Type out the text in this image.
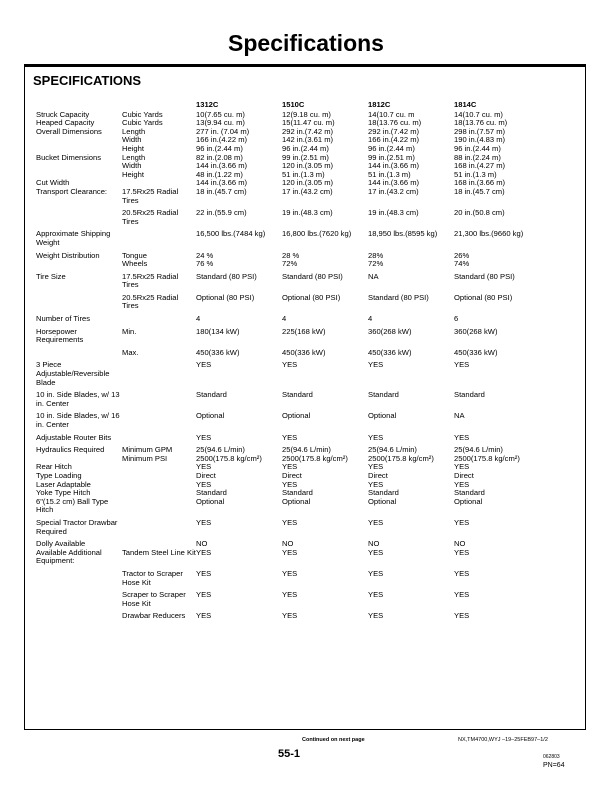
Specifications
SPECIFICATIONS
		1312C	1510C	1812C	1814C
Struck Capacity	Cubic Yards	10(7.65 cu. m)	12(9.18 cu. m)	14(10.7 cu. m	14(10.7 cu. m)
Heaped Capacity	Cubic Yards	13(9.94 cu. m)	15(11.47 cu. m)	18(13.76 cu. m)	18(13.76 cu. m)
Overall Dimensions	Length	277 in. (7.04 m)	292 in.(7.42 m)	292 in.(7.42 m)	298 in.(7.57 m)
	Width	166 in.(4.22 m)	142 in.(3.61 m)	166 in.(4.22 m)	190 in.(4.83 m)
	Height	96 in.(2.44 m)	96 in.(2.44 m)	96 in.(2.44 m)	96 in.(2.44 m)
Bucket Dimensions	Length	82 in.(2.08 m)	99 in.(2.51 m)	99 in.(2.51 m)	88 in.(2.24 m)
	Width	144 in.(3.66 m)	120 in.(3.05 m)	144 in.(3.66 m)	168 in.(4.27 m)
	Height	48 in.(1.22 m)	51 in.(1.3 m)	51 in.(1.3 m)	51 in.(1.3 m)
Cut Width		144 in.(3.66 m)	120 in.(3.05 m)	144 in.(3.66 m)	168 in.(3.66 m)
Transport Clearance:	17.5Rx25 Radial Tires	18 in.(45.7 cm)	17 in.(43.2 cm)	17 in.(43.2 cm)	18 in.(45.7 cm)
	20.5Rx25 Radial Tires	22 in.(55.9 cm)	19 in.(48.3 cm)	19 in.(48.3 cm)	20 in.(50.8 cm)
Approximate Shipping Weight		16,500 lbs.(7484 kg)	16,800 lbs.(7620 kg)	18,950 lbs.(8595 kg)	21,300 lbs.(9660 kg)
Weight Distribution	Tongue	24 %	28 %	28%	26%
	Wheels	76 %	72%	72%	74%
Tire Size	17.5Rx25 Radial Tires	Standard (80 PSI)	Standard (80 PSI)	NA	Standard (80 PSI)
	20.5Rx25 Radial Tires	Optional (80 PSI)	Optional (80 PSI)	Standard (80 PSI)	Optional (80 PSI)
Number of Tires		4	4	4	6
Horsepower Requirements	Min.	180(134 kW)	225(168 kW)	360(268 kW)	360(268 kW)
	Max.	450(336 kW)	450(336 kW)	450(336 kW)	450(336 kW)
3 Piece Adjustable/Reversible Blade		YES	YES	YES	YES
10 in. Side Blades, w/ 13 in. Center		Standard	Standard	Standard	Standard
10 in. Side Blades, w/ 16 in. Center		Optional	Optional	Optional	NA
Adjustable Router Bits		YES	YES	YES	YES
Hydraulics Required	Minimum GPM	25(94.6 L/min)	25(94.6 L/min)	25(94.6 L/min)	25(94.6 L/min)
	Minimum PSI	2500(175.8 kg/cm²)	2500(175.8 kg/cm²)	2500(175.8 kg/cm²)	2500(175.8 kg/cm²)
Rear Hitch		YES	YES	YES	YES
Type Loading		Direct	Direct	Direct	Direct
Laser Adaptable		YES	YES	YES	YES
Yoke Type Hitch		Standard	Standard	Standard	Standard
6"(15.2 cm) Ball Type Hitch		Optional	Optional	Optional	Optional
Special Tractor Drawbar Required		YES	YES	YES	YES
Dolly Available		NO	NO	NO	NO
Available Additional Equipment:	Tandem Steel Line Kit	YES	YES	YES	YES
	Tractor to Scraper Hose Kit	YES	YES	YES	YES
	Scraper to Scraper Hose Kit	YES	YES	YES	YES
	Drawbar Reducers	YES	YES	YES	YES
Continued on next page	NX,TM4700,WYJ –19–25FEB97–1/2
55-1	062803
PN=64
